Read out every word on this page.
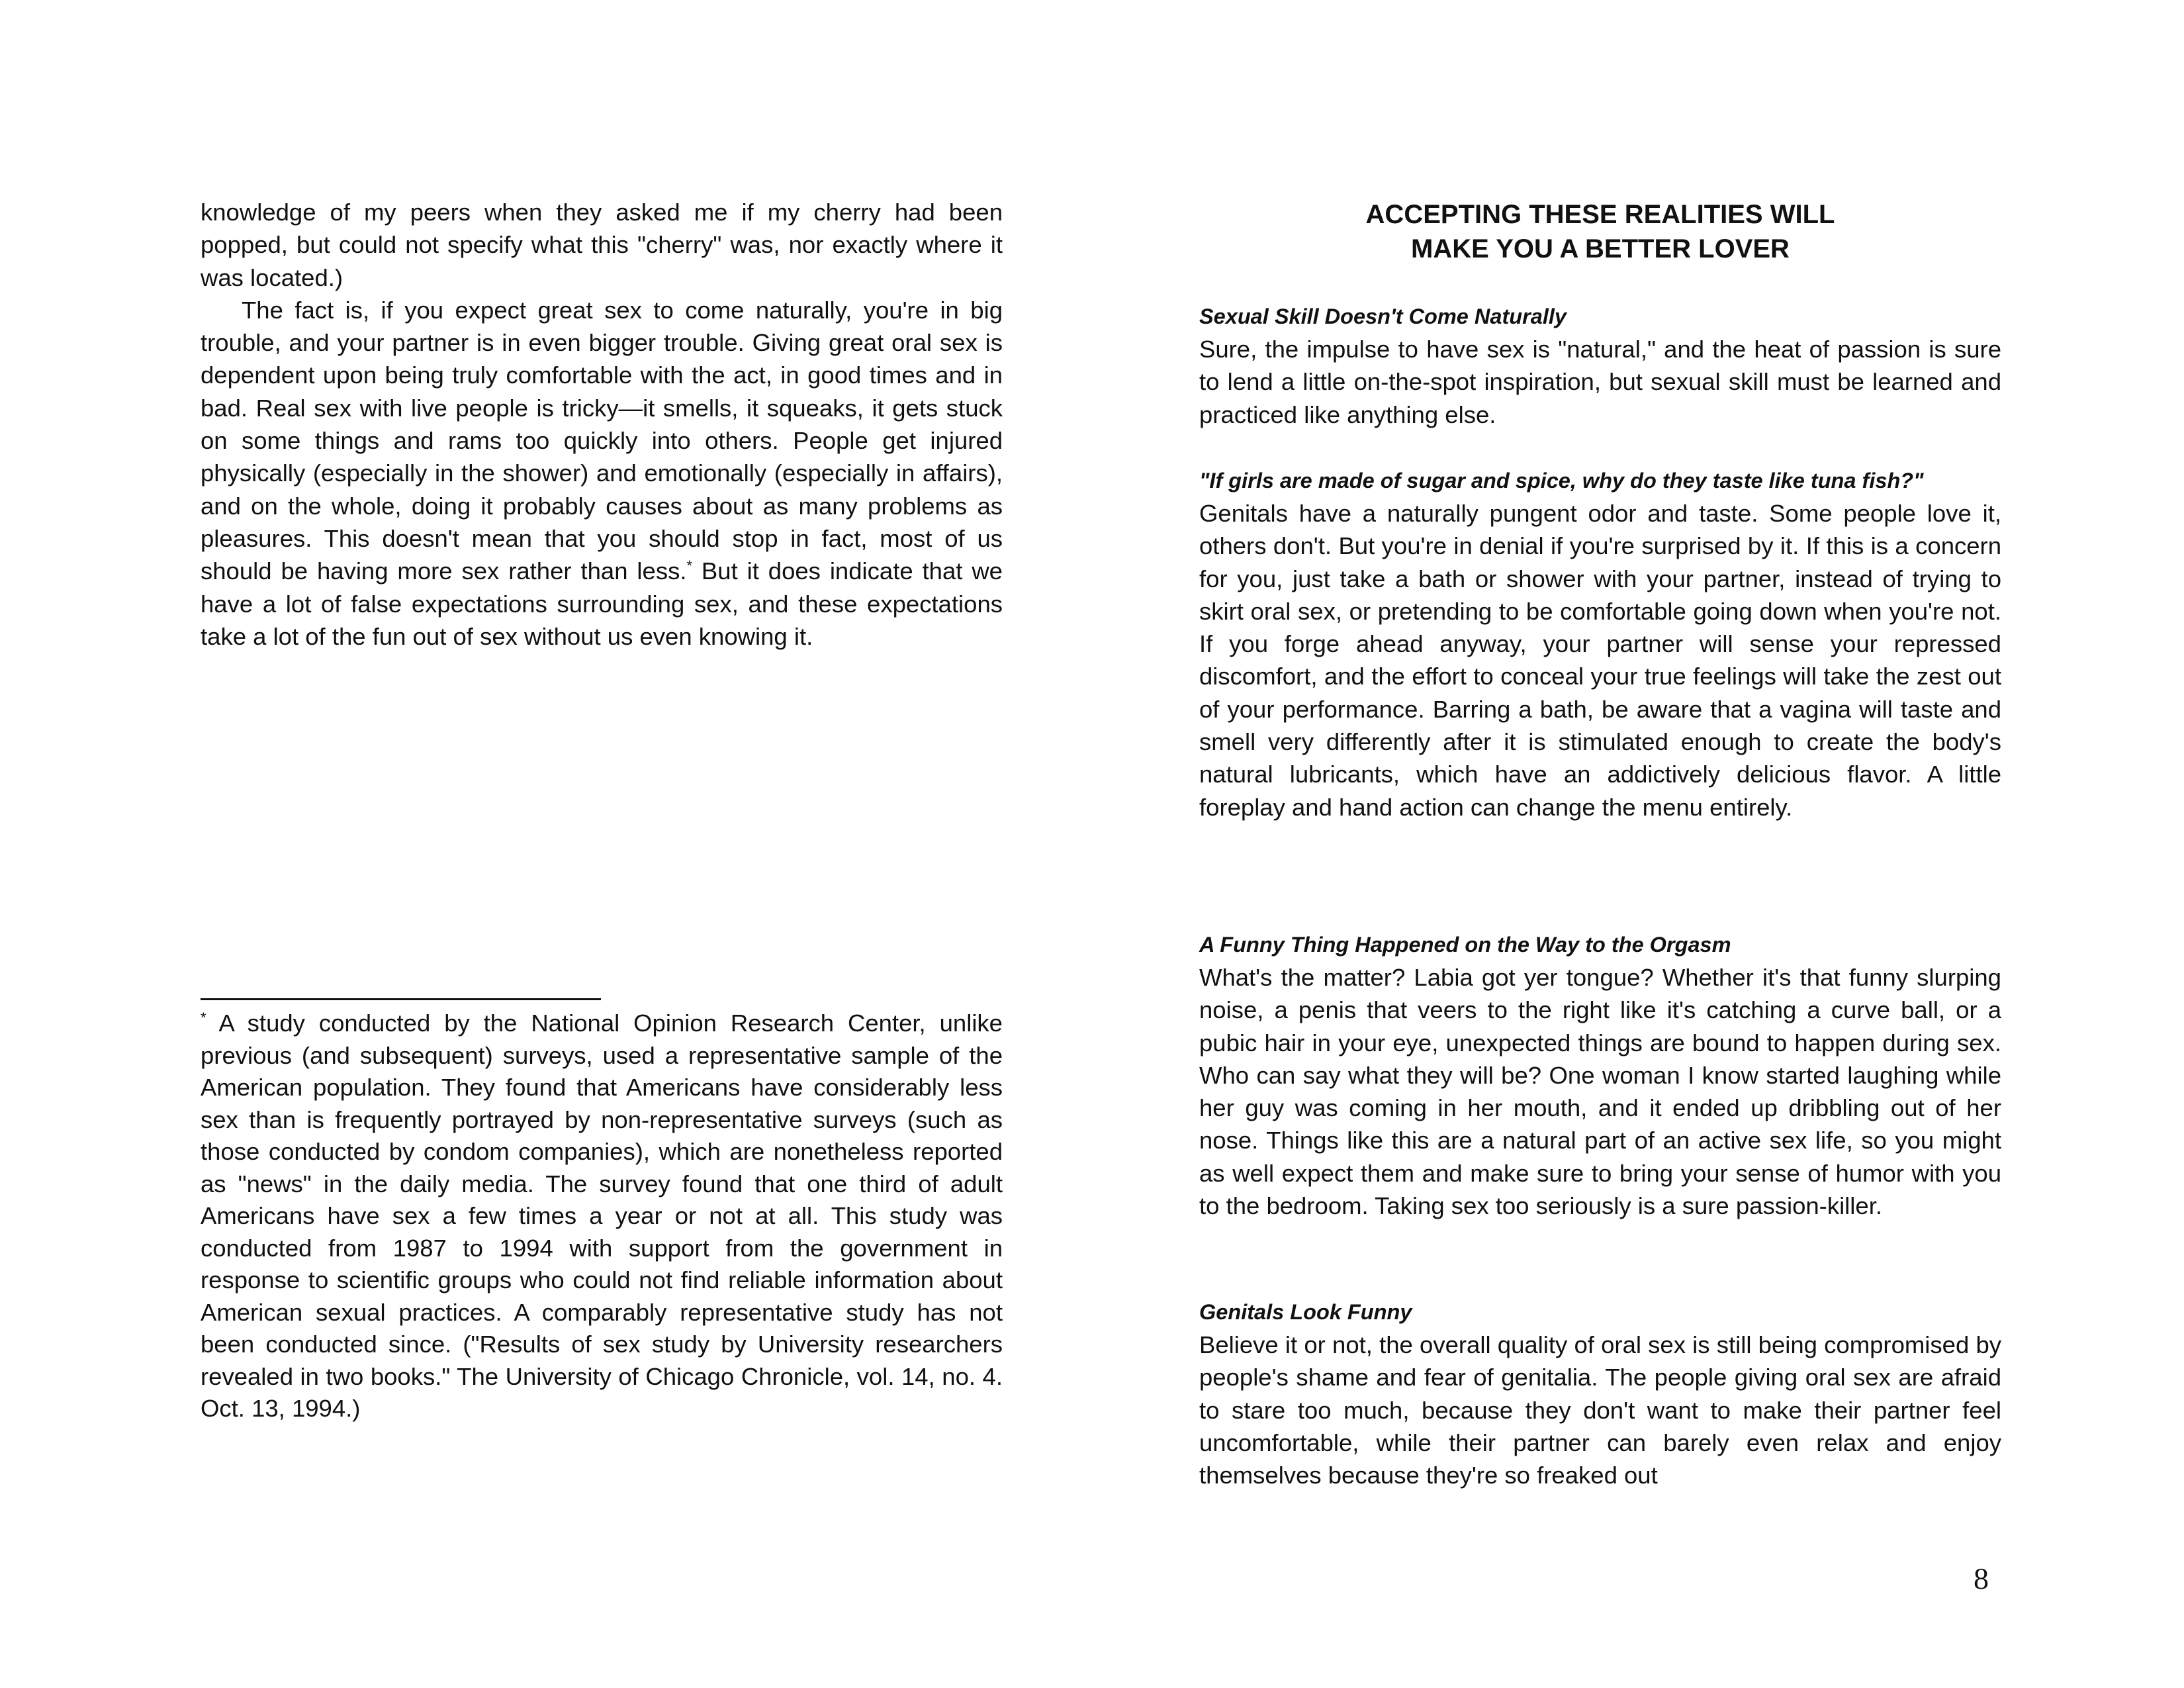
knowledge of my peers when they asked me if my cherry had been popped, but could not specify what this "cherry" was, nor exactly where it was located.)

The fact is, if you expect great sex to come naturally, you're in big trouble, and your partner is in even bigger trouble. Giving great oral sex is dependent upon being truly comfortable with the act, in good times and in bad. Real sex with live people is tricky—it smells, it squeaks, it gets stuck on some things and rams too quickly into others. People get injured physically (especially in the shower) and emotionally (especially in affairs), and on the whole, doing it probably causes about as many problems as pleasures. This doesn't mean that you should stop in fact, most of us should be having more sex rather than less.* But it does indicate that we have a lot of false expectations surrounding sex, and these expectations take a lot of the fun out of sex without us even knowing it.

* A study conducted by the National Opinion Research Center, unlike previous (and subsequent) surveys, used a representative sample of the American population. They found that Americans have considerably less sex than is frequently portrayed by non-representative surveys (such as those conducted by condom companies), which are nonetheless reported as "news" in the daily media. The survey found that one third of adult Americans have sex a few times a year or not at all. This study was conducted from 1987 to 1994 with support from the government in response to scientific groups who could not find reliable information about American sexual practices. A comparably representative study has not been conducted since. ("Results of sex study by University researchers revealed in two books." The University of Chicago Chronicle, vol. 14, no. 4. Oct. 13, 1994.)

ACCEPTING THESE REALITIES WILL
MAKE YOU A BETTER LOVER

Sexual Skill Doesn't Come Naturally

Sure, the impulse to have sex is "natural," and the heat of passion is sure to lend a little on-the-spot inspiration, but sexual skill must be learned and practiced like anything else.

"If girls are made of sugar and spice, why do they taste like tuna fish?"

Genitals have a naturally pungent odor and taste. Some people love it, others don't. But you're in denial if you're surprised by it. If this is a concern for you, just take a bath or shower with your partner, instead of trying to skirt oral sex, or pretending to be comfortable going down when you're not. If you forge ahead anyway, your partner will sense your repressed discomfort, and the effort to conceal your true feelings will take the zest out of your performance. Barring a bath, be aware that a vagina will taste and smell very differently after it is stimulated enough to create the body's natural lubricants, which have an addictively delicious flavor. A little foreplay and hand action can change the menu entirely.

A Funny Thing Happened on the Way to the Orgasm

What's the matter? Labia got yer tongue? Whether it's that funny slurping noise, a penis that veers to the right like it's catching a curve ball, or a pubic hair in your eye, unexpected things are bound to happen during sex. Who can say what they will be? One woman I know started laughing while her guy was coming in her mouth, and it ended up dribbling out of her nose. Things like this are a natural part of an active sex life, so you might as well expect them and make sure to bring your sense of humor with you to the bedroom. Taking sex too seriously is a sure passion-killer.

Genitals Look Funny

Believe it or not, the overall quality of oral sex is still being compromised by people's shame and fear of genitalia. The people giving oral sex are afraid to stare too much, because they don't want to make their partner feel uncomfortable, while their partner can barely even relax and enjoy themselves because they're so freaked out

8
